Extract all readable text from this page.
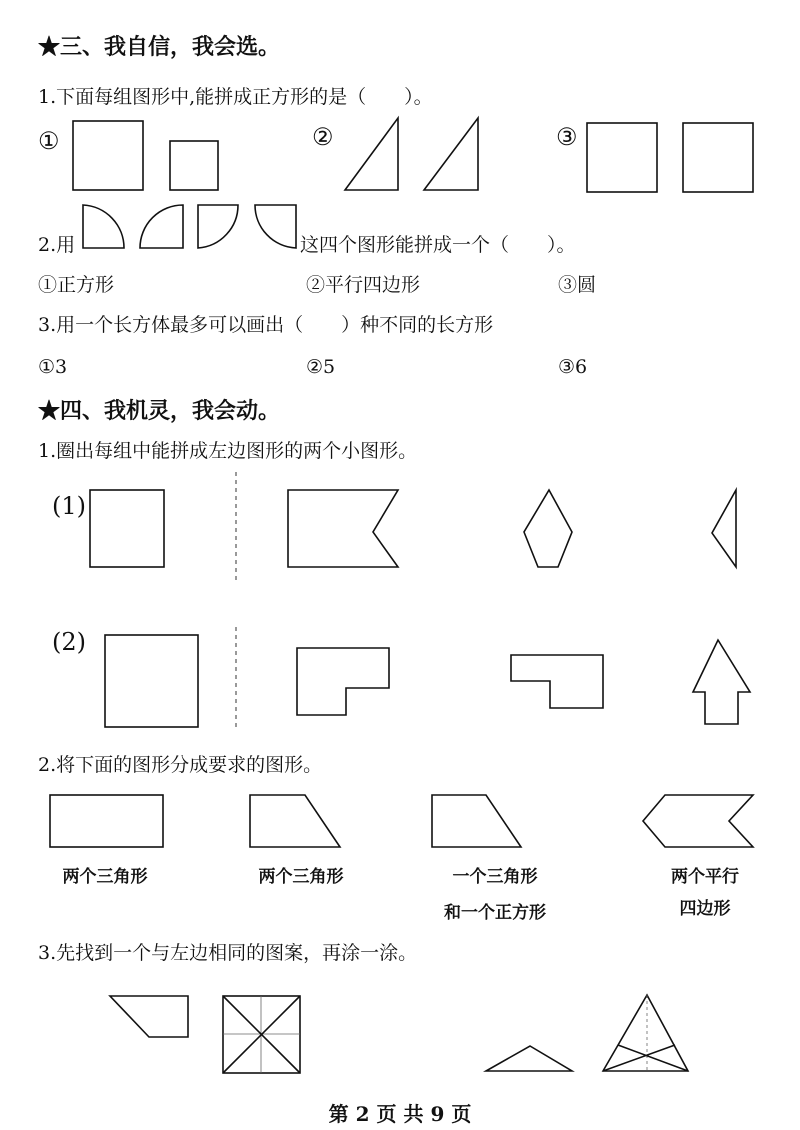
★三、我自信，我会选。
1.下面每组图形中,能拼成正方形的是（　　）。
①	②	③
2.用	这四个图形能拼成一个（　　）。
①正方形	②平行四边形	③圆
3.用一个长方体最多可以画出（　　）种不同的长方形
①3	②5	③6
★四、我机灵，我会动。
1.圈出每组中能拼成左边图形的两个小图形。
(1)
(2)
2.将下面的图形分成要求的图形。
两个三角形	两个三角形	一个三角形
和一个正方形
两个平行
四边形
3.先找到一个与左边相同的图案，再涂一涂。
第 2 页 共 9 页
